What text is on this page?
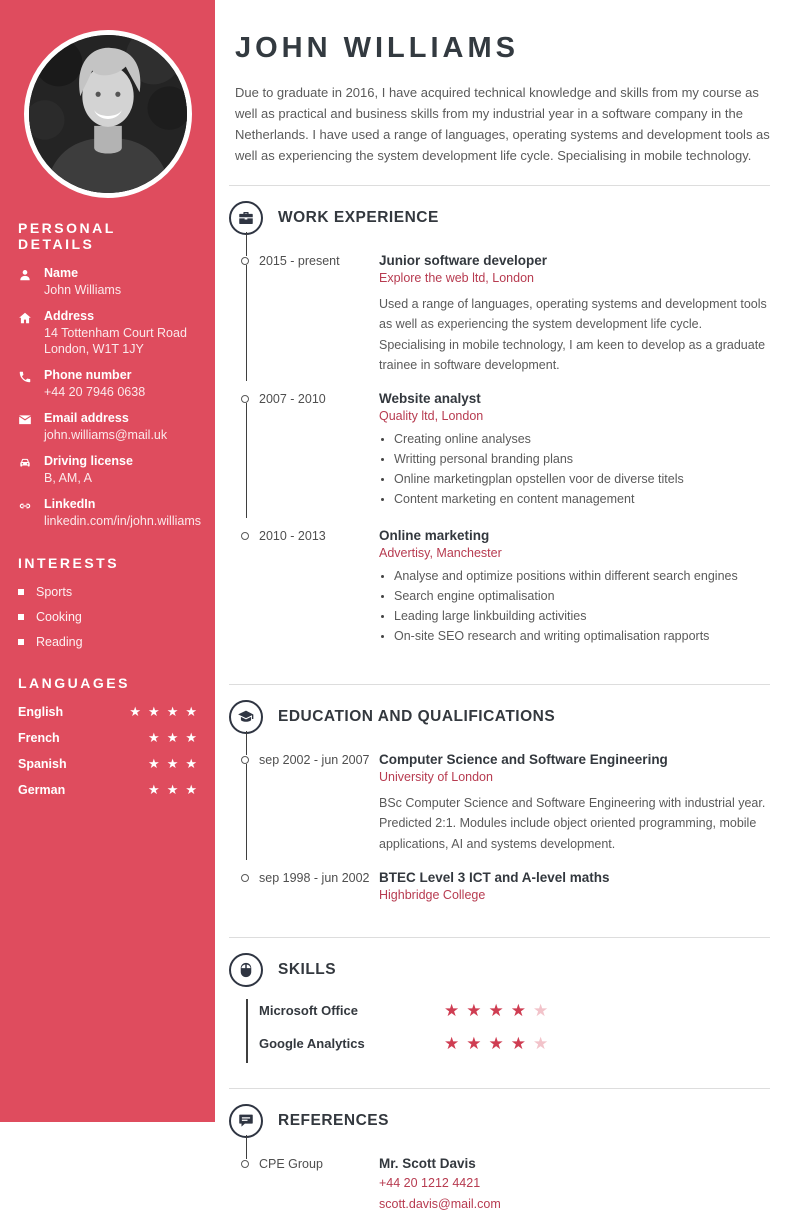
PERSONAL DETAILS
Name
John Williams
Address
14 Tottenham Court Road
London, W1T 1JY
Phone number
+44 20 7946 0638
Email address
john.williams@mail.uk
Driving license
B, AM, A
LinkedIn
linkedin.com/in/john.williams
INTERESTS
Sports
Cooking
Reading
LANGUAGES
English	★ ★ ★ ★
French	★ ★ ★
Spanish	★ ★ ★
German	★ ★ ★
JOHN WILLIAMS

Due to graduate in 2016, I have acquired technical knowledge and skills from my course as well as practical and business skills from my industrial year in a software company in the Netherlands. I have used a range of languages, operating systems and development tools as well as experiencing the system development life cycle. Specialising in mobile technology.

WORK EXPERIENCE
2015 - present	Junior software developer
Explore the web ltd, London

Used a range of languages, operating systems and development tools as well as experiencing the system development life cycle. Specialising in mobile technology, I am keen to develop as a graduate trainee in software development.

2007 - 2010	Website analyst
Quality ltd, London
• Creating online analyses
• Writting personal branding plans
• Online marketingplan opstellen voor de diverse titels
• Content marketing en content management
2010 - 2013	Online marketing
Advertisy, Manchester
• Analyse and optimize positions within different search engines
• Search engine optimalisation
• Leading large linkbuilding activities
• On-site SEO research and writing optimalisation rapports
EDUCATION AND QUALIFICATIONS
sep 2002 - jun 2007 Computer Science and Software Engineering
University of London

BSc Computer Science and Software Engineering with industrial year. Predicted 2:1. Modules include object oriented programming, mobile applications, AI and systems development.

sep 1998 - jun 2002 BTEC Level 3 ICT and A-level maths
Highbridge College
SKILLS
Microsoft Office	★ ★ ★ ★ ★
Google Analytics	★ ★ ★ ★ ★
REFERENCES
CPE Group	Mr. Scott Davis
+44 20 1212 4421
scott.davis@mail.com
